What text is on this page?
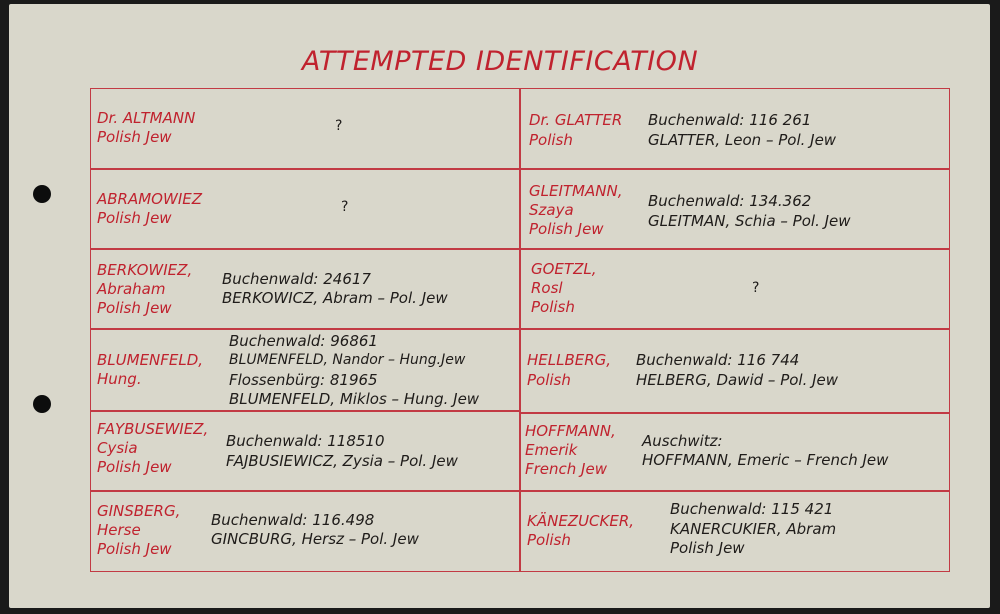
ATTEMPTED IDENTIFICATION
Dr. ALTMANN
Polish Jew
?
ABRAMOWIEZ
Polish Jew
?
BERKOWIEZ,
Abraham
Polish Jew
Buchenwald: 24617
BERKOWICZ, Abram – Pol. Jew
BLUMENFELD,
Hung.
Buchenwald: 96861
BLUMENFELD, Nandor – Hung.Jew
Flossenbürg: 81965
BLUMENFELD, Miklos – Hung. Jew
FAYBUSEWIEZ,
Cysia
Polish Jew
Buchenwald: 118510
FAJBUSIEWICZ, Zysia – Pol. Jew
GINSBERG,
Herse
Polish Jew
Buchenwald: 116.498
GINCBURG, Hersz – Pol. Jew
Dr. GLATTER
Polish
Buchenwald: 116 261
GLATTER, Leon – Pol. Jew
GLEITMANN,
Szaya
Polish Jew
Buchenwald: 134.362
GLEITMAN, Schia – Pol. Jew
GOETZL,
Rosl
Polish
?
HELLBERG,
Polish
Buchenwald: 116 744
HELBERG, Dawid – Pol. Jew
HOFFMANN,
Emerik
French Jew
Auschwitz:
HOFFMANN, Emeric – French Jew
KÄNEZUCKER,
Polish
Buchenwald: 115 421
KANERCUKIER, Abram
Polish Jew
